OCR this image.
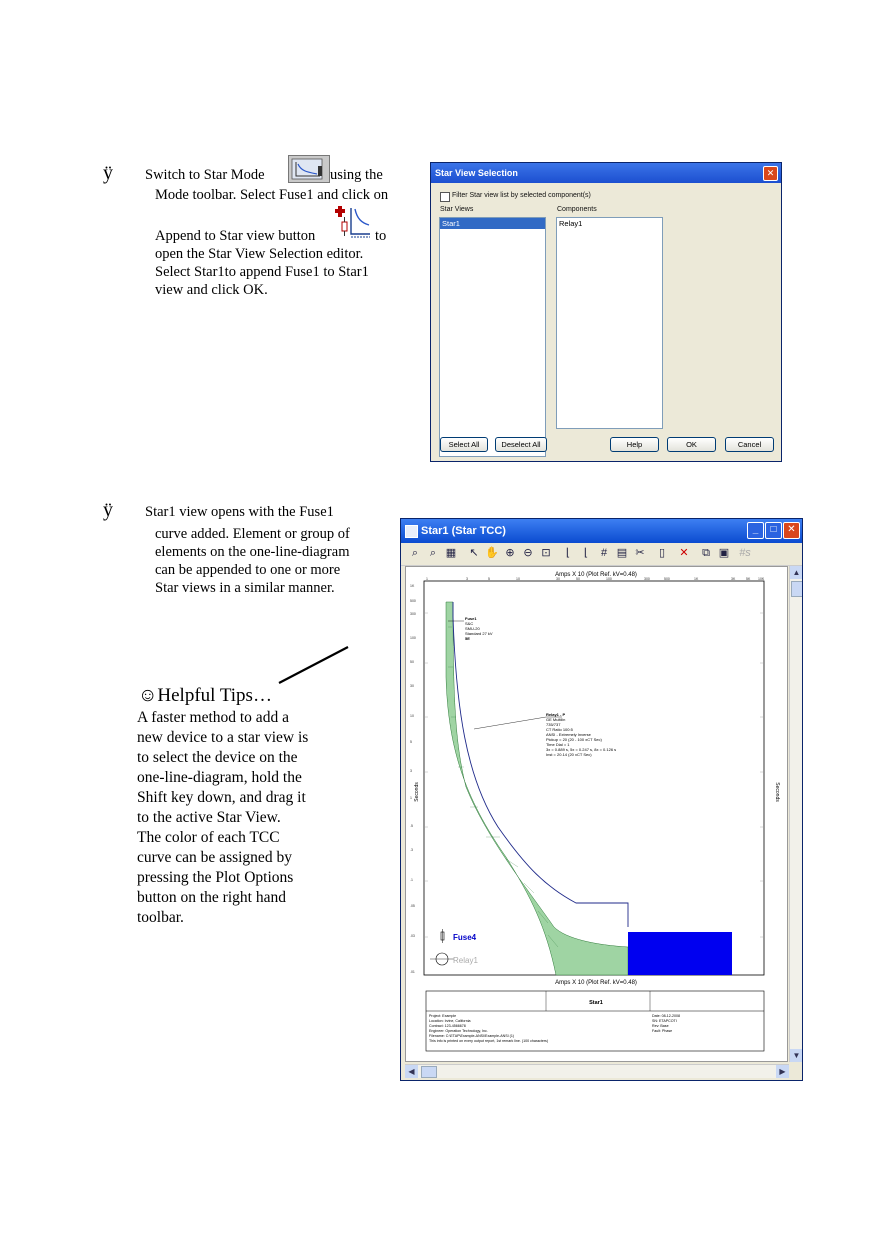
ÿ Switch to Star Mode	using the
Mode toolbar. Select Fuse1 and click on
Append to Star view button	to
open the Star View Selection editor.
Select Star1to append Fuse1 to Star1
view and click OK.
Star View Selection	✕
Filter Star view list by selected component(s)
Star Views	Components
Star1	Relay1
Select All	Deselect All	Help	OK	Cancel
ÿ Star1 view opens with the Fuse1
curve added. Element or group of
elements on the one-line-diagram
can be appended to one or more
Star views in a similar manner.
☺Helpful Tips…
A faster method to add a
new device to a star view is
to select the device on the
one-line-diagram, hold the
Shift key down, and drag it
to the active Star View.
The color of each TCC
curve can be assigned by
pressing the Plot Options
button on the right hand
toolbar.
Star1 (Star TCC)	_	□	✕
⌕	⌕ ▦ ↖ ✋ ⊕ ⊖ ⊡	⌊	⌊	# ▤ ✂	▯	✕ ⧉ ▣ #s
Amps X 10 (Plot Ref. kV=0.48)
1	3	5	10	30	50	100	300	500	1K	3K	5K 10K
1K
500
300
100
50
30
10
5
3
1
.5
.3
.1
.05
.03
.01
Seconds	Seconds
Fuse1
S&C
SMU-20
Standard 27 kV
5E
Relay1 - P
GE Multilin
735/737
CT Ratio 100:5
ANSI - Extremely Inverse
Pickup = 20 (20 - 100 xCT Sec)
Time Dial = 1
3x = 0.889 s, 5x = 0.247 s, 8x = 0.126 s
Inst = 20.14 (20 xCT Sec)
Fuse4
Relay1
Amps X 10 (Plot Ref. kV=0.48)
Star1
Project: Example
Location: Irvine, California
Contract: 123-4566678
Engineer: Operation Technology, Inc.
Filename: C:\ETAP\Example-ANSI\Example-ANSI (1)
This info is printed on every output report, 1st remark line. (100 characters)
Date: 08-12-2008
SN: ETAPCOTI
Rev: Base
Fault: Phase
▲
▼
◀	▶
